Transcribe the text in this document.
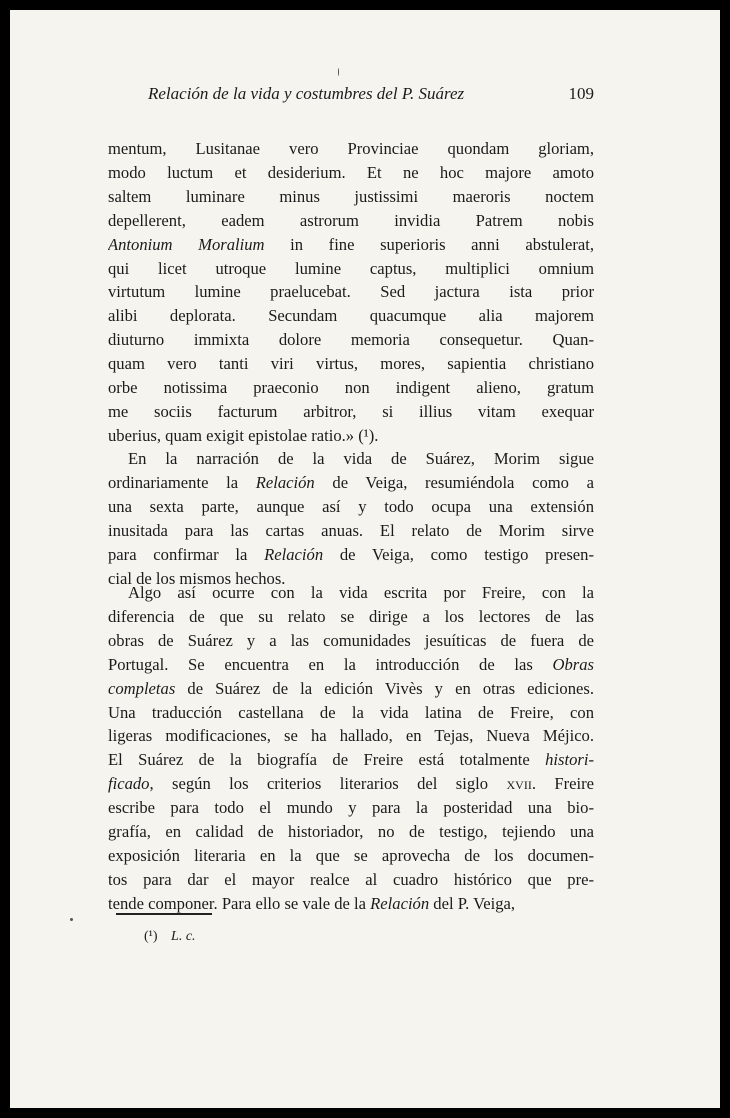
Relación de la vida y costumbres del P. Suárez	109
mentum, Lusitanae vero Provinciae quondam gloriam,
modo luctum et desiderium. Et ne hoc majore amoto
saltem luminare minus justissimi maeroris noctem
depellerent, eadem astrorum invidia Patrem nobis
Antonium Moralium in fine superioris anni abstulerat,
qui licet utroque lumine captus, multiplici omnium
virtutum lumine praelucebat. Sed jactura ista prior
alibi deplorata. Secundam quacumque alia majorem
diuturno immixta dolore memoria consequetur. Quan-
quam vero tanti viri virtus, mores, sapientia christiano
orbe notissima praeconio non indigent alieno, gratum
me sociis facturum arbitror, si illius vitam exequar
uberius, quam exigit epistolae ratio.» (¹).
En la narración de la vida de Suárez, Morim sigue
ordinariamente la Relación de Veiga, resumiéndola como a
una sexta parte, aunque así y todo ocupa una extensión
inusitada para las cartas anuas. El relato de Morim sirve
para confirmar la Relación de Veiga, como testigo presen-
cial de los mismos hechos.
Algo así ocurre con la vida escrita por Freire, con la
diferencia de que su relato se dirige a los lectores de las
obras de Suárez y a las comunidades jesuíticas de fuera de
Portugal. Se encuentra en la introducción de las Obras
completas de Suárez de la edición Vivès y en otras ediciones.
Una traducción castellana de la vida latina de Freire, con
ligeras modificaciones, se ha hallado, en Tejas, Nueva Méjico.
El Suárez de la biografía de Freire está totalmente histori-
ficado, según los criterios literarios del siglo xvii. Freire
escribe para todo el mundo y para la posteridad una bio-
grafía, en calidad de historiador, no de testigo, tejiendo una
exposición literaria en la que se aprovecha de los documen-
tos para dar el mayor realce al cuadro histórico que pre-
tende componer. Para ello se vale de la Relación del P. Veiga,
(¹) L. c.
